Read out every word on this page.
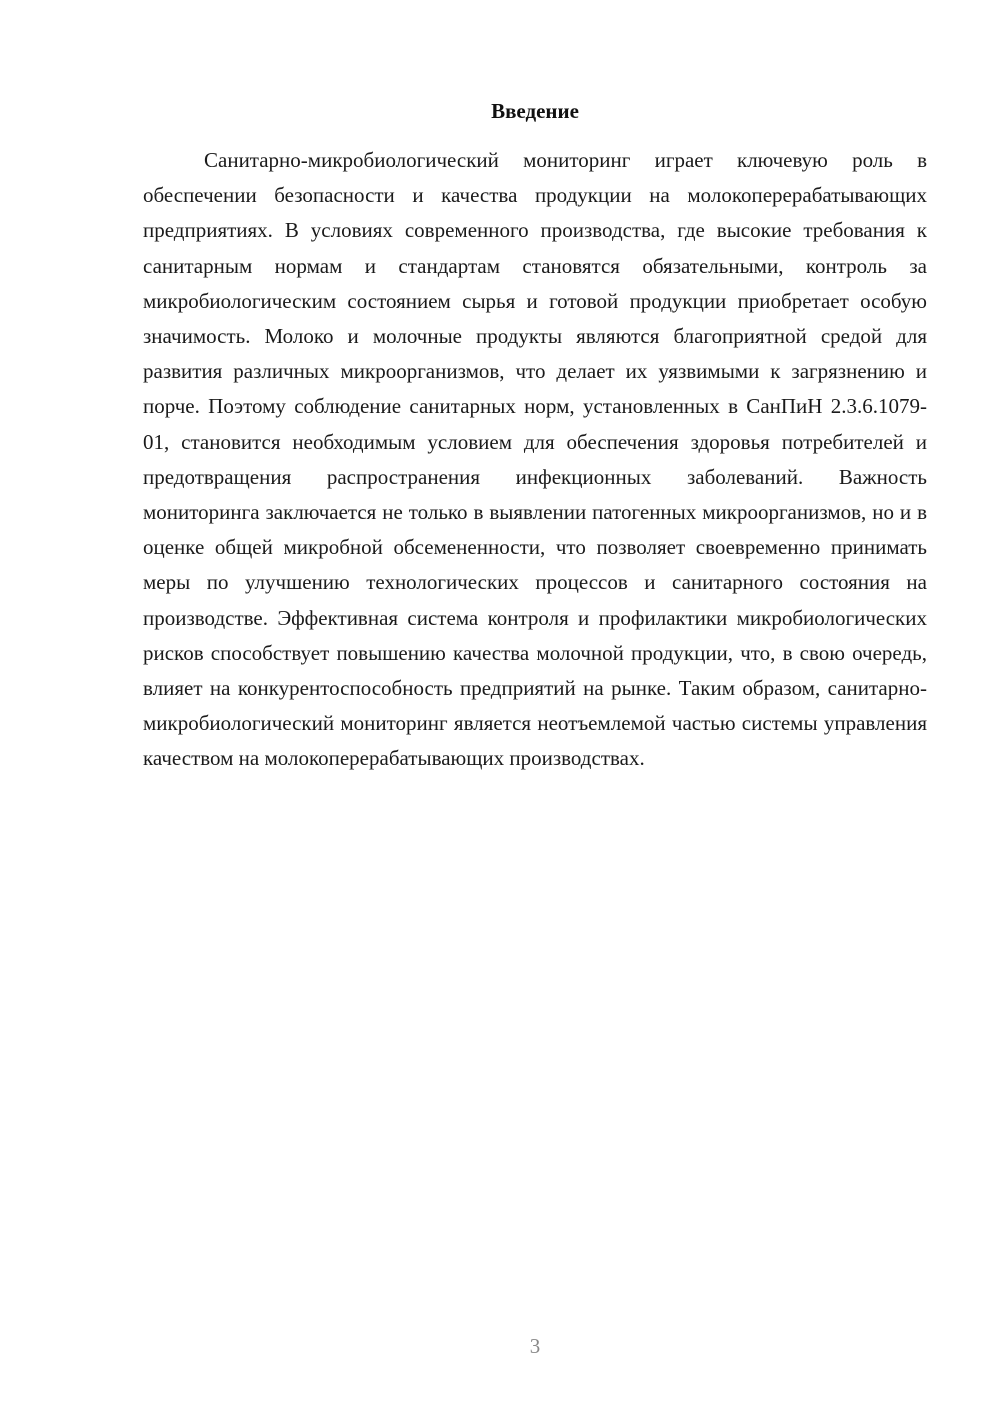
Введение

Санитарно-микробиологический мониторинг играет ключевую роль в обеспечении безопасности и качества продукции на молокоперерабатывающих предприятиях. В условиях современного производства, где высокие требования к санитарным нормам и стандартам становятся обязательными, контроль за микробиологическим состоянием сырья и готовой продукции приобретает особую значимость. Молоко и молочные продукты являются благоприятной средой для развития различных микроорганизмов, что делает их уязвимыми к загрязнению и порче. Поэтому соблюдение санитарных норм, установленных в СанПиН 2.3.6.1079-01, становится необходимым условием для обеспечения здоровья потребителей и предотвращения распространения инфекционных заболеваний. Важность мониторинга заключается не только в выявлении патогенных микроорганизмов, но и в оценке общей микробной обсемененности, что позволяет своевременно принимать меры по улучшению технологических процессов и санитарного состояния на производстве. Эффективная система контроля и профилактики микробиологических рисков способствует повышению качества молочной продукции, что, в свою очередь, влияет на конкурентоспособность предприятий на рынке. Таким образом, санитарно-микробиологический мониторинг является неотъемлемой частью системы управления качеством на молокоперерабатывающих производствах.

3
